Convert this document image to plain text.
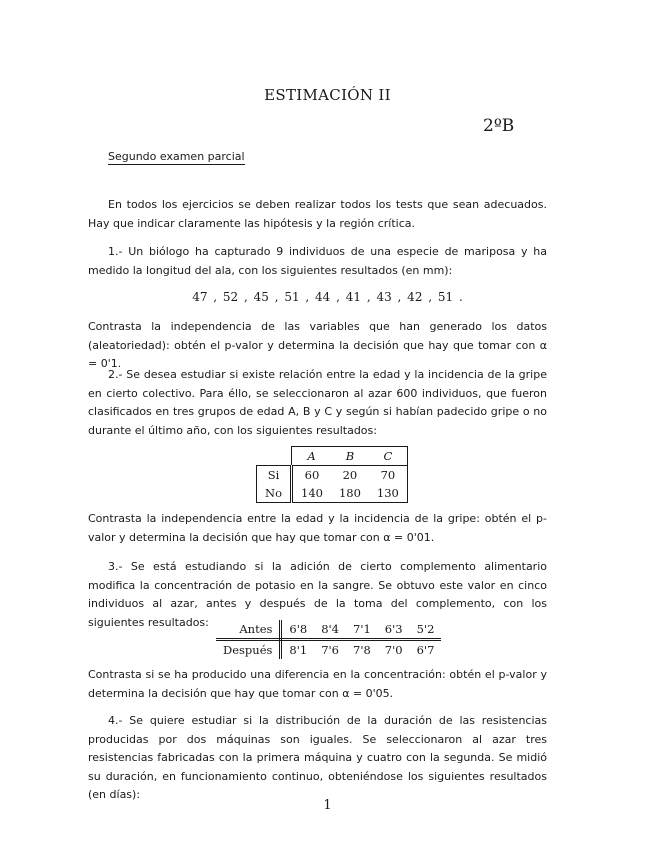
ESTIMACIÓN II
2ºB
Segundo examen parcial

En todos los ejercicios se deben realizar todos los tests que sean adecuados. Hay que indicar claramente las hipótesis y la región crítica.

1.- Un biólogo ha capturado 9 individuos de una especie de mariposa y ha medido la longitud del ala, con los siguientes resultados (en mm):

47 , 52 , 45 , 51 , 44 , 41 , 43 , 42 , 51 .

Contrasta la independencia de las variables que han generado los datos (aleatoriedad): obtén el p-valor y determina la decisión que hay que tomar con α = 0'1.

2.- Se desea estudiar si existe relación entre la edad y la incidencia de la gripe en cierto colectivo. Para éllo, se seleccionaron al azar 600 individuos, que fueron clasificados en tres grupos de edad A, B y C y según si habían padecido gripe o no durante el último año, con los siguientes resultados:

	A	B	C
Si	60	20	70
No	140	180	130

Contrasta la independencia entre la edad y la incidencia de la gripe: obtén el p-valor y determina la decisión que hay que tomar con α = 0'01.

3.- Se está estudiando si la adición de cierto complemento alimentario modifica la concentración de potasio en la sangre. Se obtuvo este valor en cinco individuos al azar, antes y después de la toma del complemento, con los siguientes resultados:	Antes	6'8	8'4	7'1	6'3	5'2
Después	8'1	7'6	7'8	7'0	6'7

Contrasta si se ha producido una diferencia en la concentración: obtén el p-valor y determina la decisión que hay que tomar con α = 0'05.

4.- Se quiere estudiar si la distribución de la duración de las resistencias producidas por dos máquinas son iguales. Se seleccionaron al azar tres resistencias fabricadas con la primera máquina y cuatro con la segunda. Se midió su duración, en funcionamiento continuo, obteniéndose los siguientes resultados (en días):

1
